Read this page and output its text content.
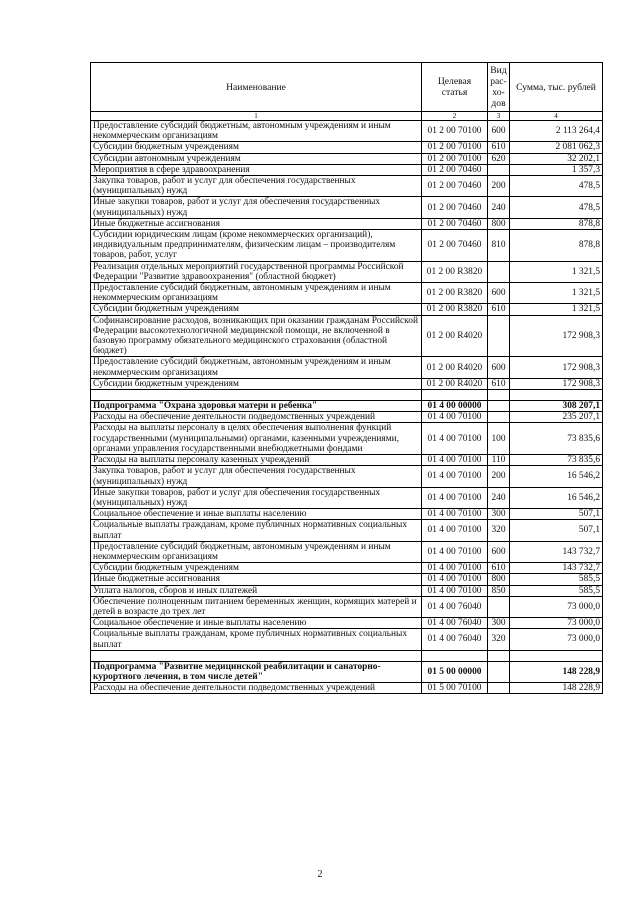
Наименование	Целевая статья	Вид рас- хо- дов	Сумма, тыс. рублей
1	2	3	4
Предоставление субсидий бюджетным, автономным учреждениям и иным некоммерческим организациям	01 2 00 70100	600	2 113 264,4
Субсидии бюджетным учреждениям	01 2 00 70100	610	2 081 062,3
Субсидии автономным учреждениям	01 2 00 70100	620	32 202,1
Мероприятия в сфере здравоохранения	01 2 00 70460		1 357,3
Закупка товаров, работ и услуг для обеспечения государственных (муниципальных) нужд	01 2 00 70460	200	478,5
Иные закупки товаров, работ и услуг для обеспечения государственных (муниципальных) нужд	01 2 00 70460	240	478,5
Иные бюджетные ассигнования	01 2 00 70460	800	878,8
Субсидии юридическим лицам (кроме некоммерческих организаций), индивидуальным предпринимателям, физическим лицам – производителям товаров, работ, услуг	01 2 00 70460	810	878,8
Реализация отдельных мероприятий государственной программы Российской Федерации "Развитие здравоохранения" (областной бюджет)	01 2 00 R3820		1 321,5
Предоставление субсидий бюджетным, автономным учреждениям и иным некоммерческим организациям	01 2 00 R3820	600	1 321,5
Субсидии бюджетным учреждениям	01 2 00 R3820	610	1 321,5
Софинансирование расходов, возникающих при оказании гражданам Российской Федерации высокотехнологичной медицинской помощи, не включенной в базовую программу обязательного медицинского страхования (областной бюджет)	01 2 00 R4020		172 908,3
Предоставление субсидий бюджетным, автономным учреждениям и иным некоммерческим организациям	01 2 00 R4020	600	172 908,3
Субсидии бюджетным учреждениям	01 2 00 R4020	610	172 908,3

Подпрограмма "Охрана здоровья матери и ребенка"	01 4 00 00000		308 207,1
Расходы на обеспечение деятельности подведомственных учреждений	01 4 00 70100		235 207,1
Расходы на выплаты персоналу в целях обеспечения выполнения функций государственными (муниципальными) органами, казенными учреждениями, органами управления государственными внебюджетными фондами	01 4 00 70100	100	73 835,6
Расходы на выплаты персоналу казенных учреждений	01 4 00 70100	110	73 835,6
Закупка товаров, работ и услуг для обеспечения государственных (муниципальных) нужд	01 4 00 70100	200	16 546,2
Иные закупки товаров, работ и услуг для обеспечения государственных (муниципальных) нужд	01 4 00 70100	240	16 546,2
Социальное обеспечение и иные выплаты населению	01 4 00 70100	300	507,1
Социальные выплаты гражданам, кроме публичных нормативных социальных выплат	01 4 00 70100	320	507,1
Предоставление субсидий бюджетным, автономным учреждениям и иным некоммерческим организациям	01 4 00 70100	600	143 732,7
Субсидии бюджетным учреждениям	01 4 00 70100	610	143 732,7
Иные бюджетные ассигнования	01 4 00 70100	800	585,5
Уплата налогов, сборов и иных платежей	01 4 00 70100	850	585,5
Обеспечение полноценным питанием беременных женщин, кормящих матерей и детей в возрасте до трех лет	01 4 00 76040		73 000,0
Социальное обеспечение и иные выплаты населению	01 4 00 76040	300	73 000,0
Социальные выплаты гражданам, кроме публичных нормативных социальных выплат	01 4 00 76040	320	73 000,0

Подпрограмма "Развитие медицинской реабилитации и санаторно-курортного лечения, в том числе детей"	01 5 00 00000		148 228,9
Расходы на обеспечение деятельности подведомственных учреждений	01 5 00 70100		148 228,9
2
